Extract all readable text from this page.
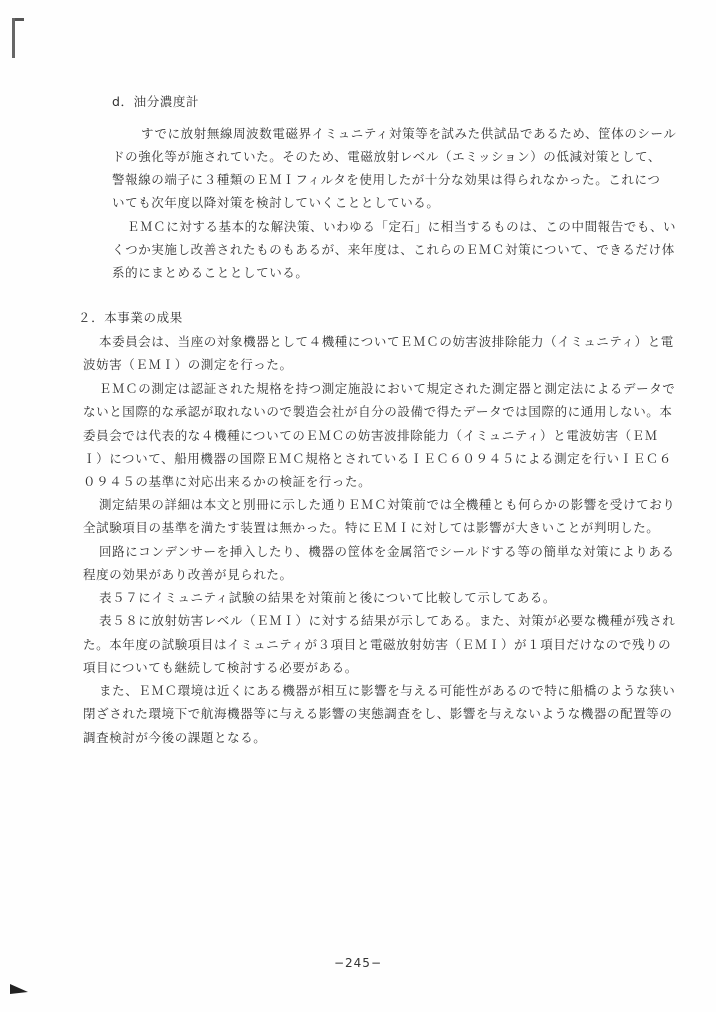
d．油分濃度計
すでに放射無線周波数電磁界イミュニティ対策等を試みた供試品であるため、筐体のシール
ドの強化等が施されていた。そのため、電磁放射レベル（エミッション）の低減対策として、
警報線の端子に３種類のＥＭＩフィルタを使用したが十分な効果は得られなかった。これにつ
いても次年度以降対策を検討していくこととしている。
ＥＭＣに対する基本的な解決策、いわゆる「定石」に相当するものは、この中間報告でも、い
くつか実施し改善されたものもあるが、来年度は、これらのＥＭＣ対策について、できるだけ体
系的にまとめることとしている。
２．本事業の成果
本委員会は、当座の対象機器として４機種についてＥＭＣの妨害波排除能力（イミュニティ）と電
波妨害（ＥＭＩ）の測定を行った。
ＥＭＣの測定は認証された規格を持つ測定施設において規定された測定器と測定法によるデータで
ないと国際的な承認が取れないので製造会社が自分の設備で得たデータでは国際的に通用しない。本
委員会では代表的な４機種についてのＥＭＣの妨害波排除能力（イミュニティ）と電波妨害（ＥＭ
Ｉ）について、船用機器の国際ＥＭＣ規格とされているＩＥＣ６０９４５による測定を行いＩＥＣ６
０９４５の基準に対応出来るかの検証を行った。
測定結果の詳細は本文と別冊に示した通りＥＭＣ対策前では全機種とも何らかの影響を受けており
全試験項目の基準を満たす装置は無かった。特にＥＭＩに対しては影響が大きいことが判明した。
回路にコンデンサーを挿入したり、機器の筐体を金属箔でシールドする等の簡単な対策によりある
程度の効果があり改善が見られた。
表５７にイミュニティ試験の結果を対策前と後について比較して示してある。
表５８に放射妨害レベル（ＥＭＩ）に対する結果が示してある。また、対策が必要な機種が残され
た。本年度の試験項目はイミュニティが３項目と電磁放射妨害（ＥＭＩ）が１項目だけなので残りの
項目についても継続して検討する必要がある。
また、ＥＭＣ環境は近くにある機器が相互に影響を与える可能性があるので特に船橋のような狭い
閉ざされた環境下で航海機器等に与える影響の実態調査をし、影響を与えないような機器の配置等の
調査検討が今後の課題となる。
−245−
